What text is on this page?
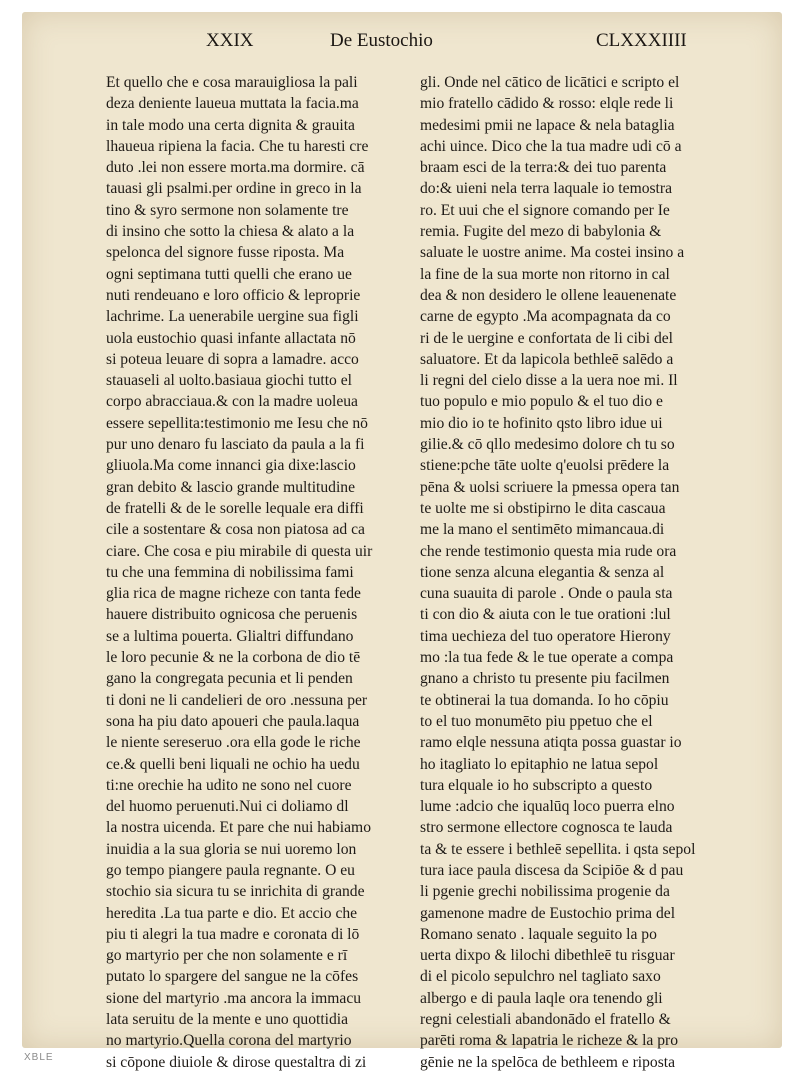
XXIX	De Eustochio	CLXXXIIII
Et quello che e cosa marauigliosa la pali
deza deniente laueua muttata la facia.ma
in tale modo una certa dignita & grauita
lhaueua ripiena la facia. Che tu haresti cre
duto .lei non essere morta.ma dormire. cā
tauasi gli psalmi.per ordine in greco in la
tino & syro sermone non solamente tre
di insino che sotto la chiesa & alato a la
spelonca del signore fusse riposta. Ma
ogni septimana tutti quelli che erano ue
nuti rendeuano e loro officio & leproprie
lachrime. La uenerabile uergine sua figli
uola eustochio quasi infante allactata nō
si poteua leuare di sopra a lamadre. acco
stauaseli al uolto.basiaua giochi tutto el
corpo abracciaua.& con la madre uoleua
essere sepellita:testimonio me Iesu che nō
pur uno denaro fu lasciato da paula a la fi
gliuola.Ma come innanci gia dixe:lascio
gran debito & lascio grande multitudine
de fratelli & de le sorelle lequale era diffi
cile a sostentare & cosa non piatosa ad ca
ciare. Che cosa e piu mirabile di questa uir
tu che una femmina di nobilissima fami
glia rica de magne richeze con tanta fede
hauere distribuito ognicosa che peruenis
se a lultima pouerta. Glialtri diffundano
le loro pecunie & ne la corbona de dio tē
gano la congregata pecunia et li penden
ti doni ne li candelieri de oro .nessuna per
sona ha piu dato apoueri che paula.laqua
le niente sereseruo .ora ella gode le riche
ce.& quelli beni liquali ne ochio ha uedu
ti:ne orechie ha udito ne sono nel cuore
del huomo peruenuti.Nui ci doliamo dl
la nostra uicenda. Et pare che nui habiamo
inuidia a la sua gloria se nui uoremo lon
go tempo piangere paula regnante. O eu
stochio sia sicura tu se inrichita di grande
heredita .La tua parte e dio. Et accio che
piu ti alegri la tua madre e coronata di lō
go martyrio per che non solamente e rī
putato lo spargere del sangue ne la cōfes
sione del martyrio .ma ancora la immacu
lata seruitu de la mente e uno quottidia
no martyrio.Quella corona del martyrio
si cōpone diuiole & dirose questaltra di zi
gli. Onde nel cātico de licātici e scripto el
mio fratello cādido & rosso: elqle rede li
medesimi pmii ne lapace & nela bataglia
achi uince. Dico che la tua madre udi cō a
braam esci de la terra:& dei tuo parenta
do:& uieni nela terra laquale io temostra
ro. Et uui che el signore comando per Ie
remia. Fugite del mezo di babylonia &
saluate le uostre anime. Ma costei insino a
la fine de la sua morte non ritorno in cal
dea & non desidero le ollene leauenenate
carne de egypto .Ma acompagnata da co
ri de le uergine e confortata de li cibi del
saluatore. Et da lapicola bethleē salēdo a
li regni del cielo disse a la uera noe mi. Il
tuo populo e mio populo & el tuo dio e
mio dio io te hofinito qsto libro idue ui
gilie.& cō qllo medesimo dolore ch tu so
stiene:pche tāte uolte q'euolsi prēdere la
pēna & uolsi scriuere la pmessa opera tan
te uolte me si obstipirno le dita cascaua
me la mano el sentimēto mimancaua.di
che rende testimonio questa mia rude ora
tione senza alcuna elegantia & senza al
cuna suauita di parole . Onde o paula sta
ti con dio & aiuta con le tue orationi :lul
tima uechieza del tuo operatore Hierony
mo :la tua fede & le tue operate a compa
gnano a christo tu presente piu facilmen
te obtinerai la tua domanda. Io ho cōpiu
to el tuo monumēto piu ppetuo che el
ramo elqle nessuna atiqta possa guastar io
ho itagliato lo epitaphio ne latua sepol
tura elquale io ho subscripto a questo
lume :adcio che iqualūq loco puerra elno
stro sermone ellectore cognosca te lauda
ta & te essere i bethleē sepellita. i qsta sepol
tura iace paula discesa da Scipiōe & d pau
li pgenie grechi nobilissima progenie da
gamenone madre de Eustochio prima del
Romano senato . laquale seguito la po
uerta dixpo & lilochi dibethleē tu risguar
di el picolo sepulchro nel tagliato saxo
albergo e di paula laqle ora tenendo gli
regni celestiali abandonādo el fratello &
parēti roma & lapatria le richeze & la pro
gēnie ne la spelōca de bethleem e riposta
XBLE
